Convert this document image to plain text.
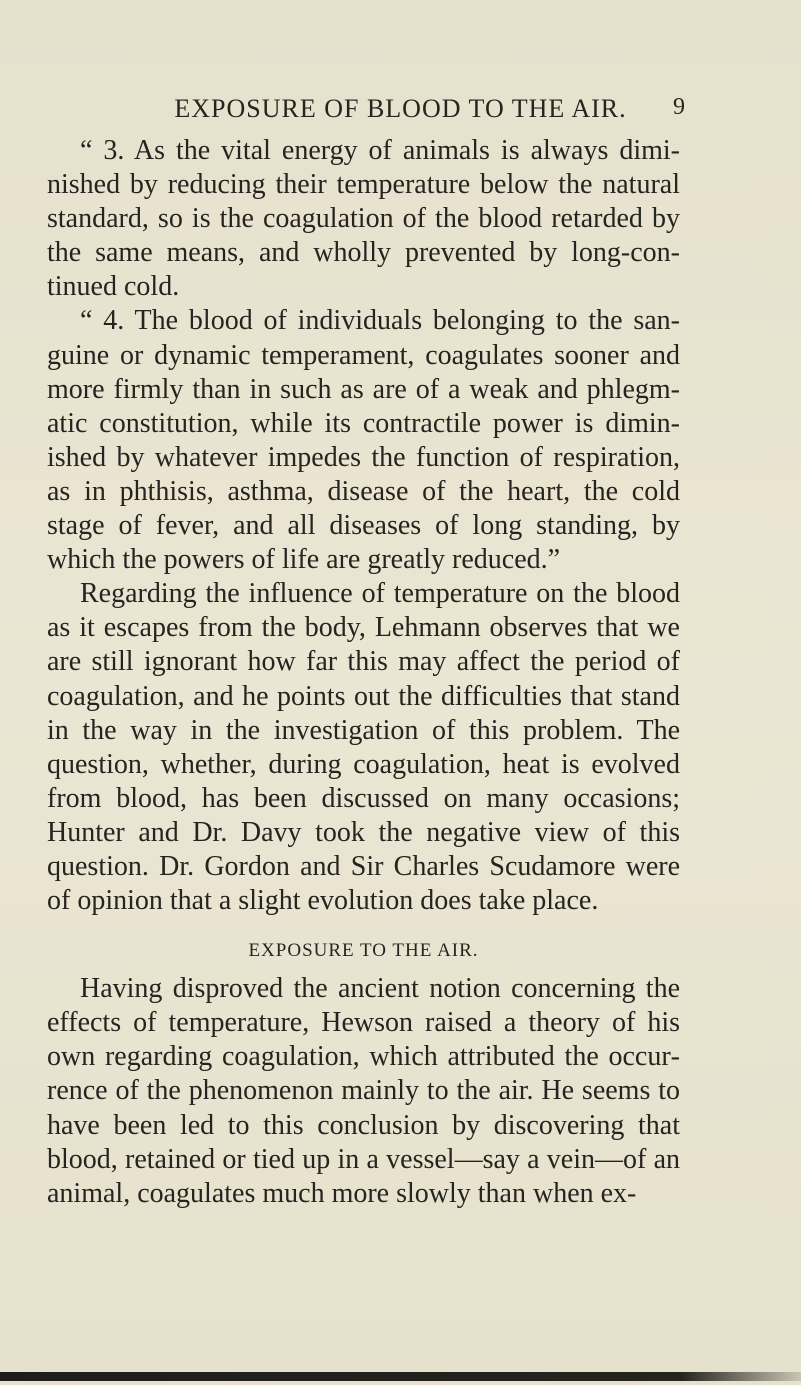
EXPOSURE OF BLOOD TO THE AIR.	9

“ 3. As the vital energy of animals is always diminished by reducing their temperature below the natural standard, so is the coagulation of the blood retarded by the same means, and wholly prevented by long-continued cold.

“ 4. The blood of individuals belonging to the sanguine or dynamic temperament, coagulates sooner and more firmly than in such as are of a weak and phlegmatic constitution, while its contractile power is diminished by whatever impedes the function of respiration, as in phthisis, asthma, disease of the heart, the cold stage of fever, and all diseases of long standing, by which the powers of life are greatly reduced.”

Regarding the influence of temperature on the blood as it escapes from the body, Lehmann observes that we are still ignorant how far this may affect the period of coagulation, and he points out the difficulties that stand in the way in the investigation of this problem. The question, whether, during coagulation, heat is evolved from blood, has been discussed on many occasions; Hunter and Dr. Davy took the negative view of this question. Dr. Gordon and Sir Charles Scudamore were of opinion that a slight evolution does take place.

EXPOSURE TO THE AIR.

Having disproved the ancient notion concerning the effects of temperature, Hewson raised a theory of his own regarding coagulation, which attributed the occurrence of the phenomenon mainly to the air. He seems to have been led to this conclusion by discovering that blood, retained or tied up in a vessel—say a vein—of an animal, coagulates much more slowly than when ex-
